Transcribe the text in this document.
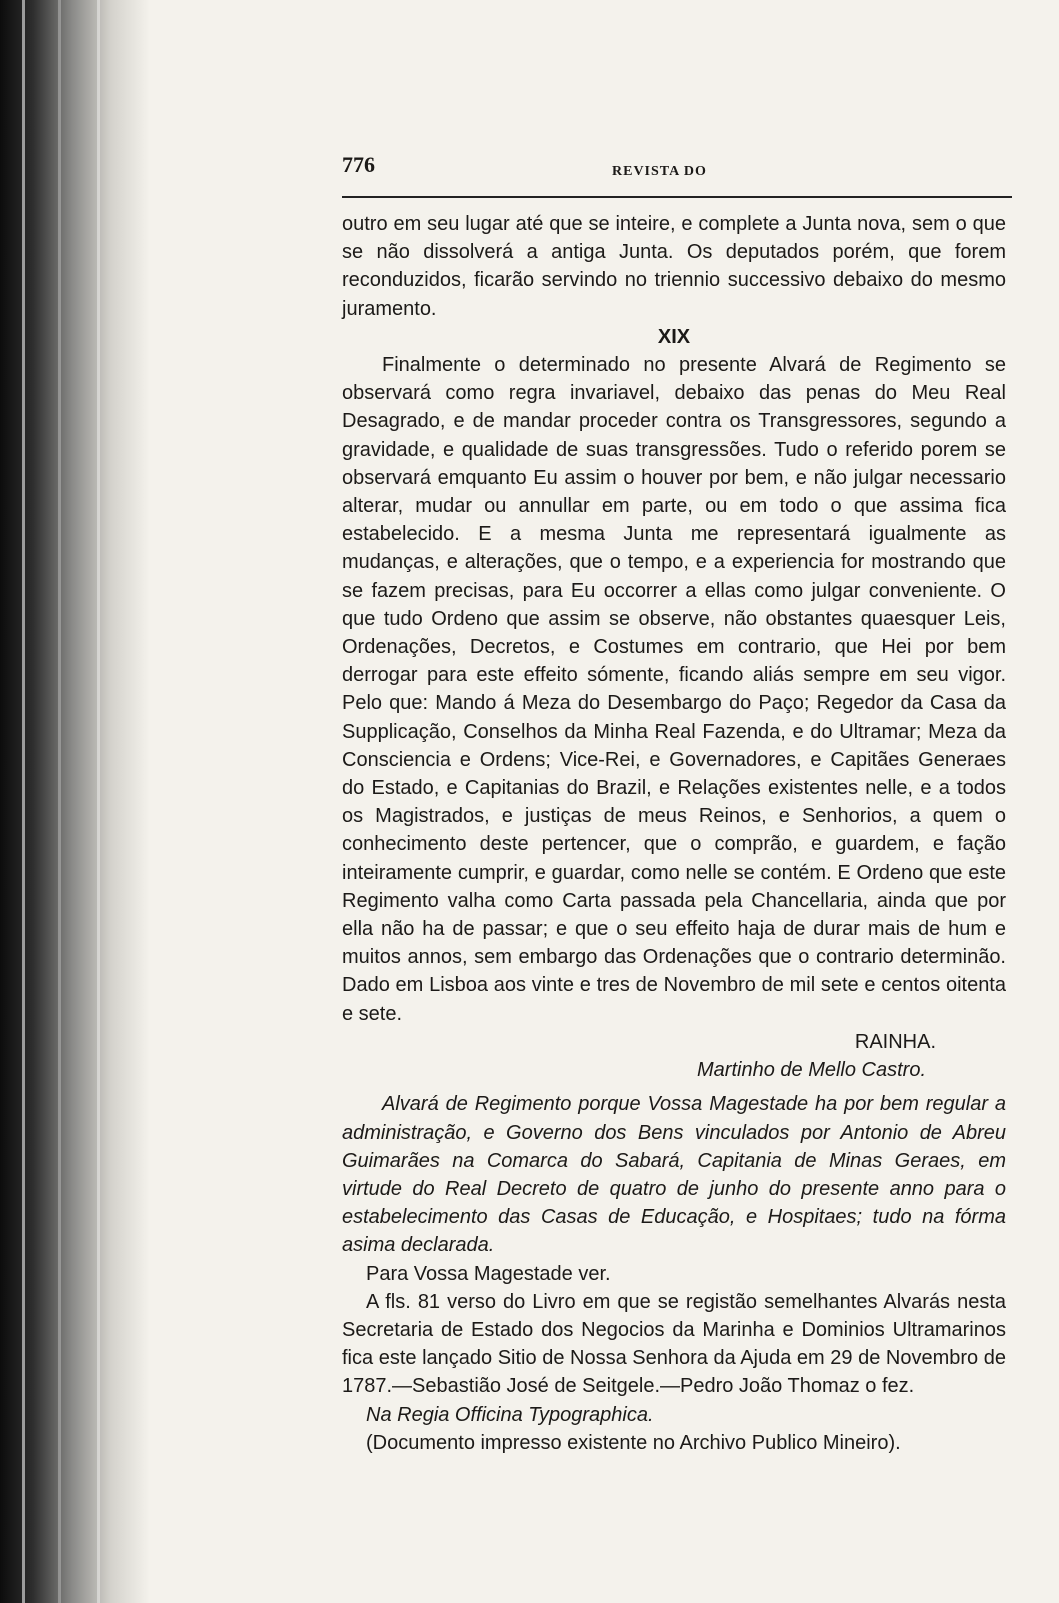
776	REVISTA DO

outro em seu lugar até que se inteire, e complete a Junta nova, sem o que se não dissolverá a antiga Junta. Os deputados porém, que forem reconduzidos, ficarão servindo no triennio successivo debaixo do mesmo juramento.

XIX

Finalmente o determinado no presente Alvará de Regimento se observará como regra invariavel, debaixo das penas do Meu Real Desagrado, e de mandar proceder contra os Transgressores, segundo a gravidade, e qualidade de suas transgressões. Tudo o referido porem se observará emquanto Eu assim o houver por bem, e não julgar necessario alterar, mudar ou annullar em parte, ou em todo o que assima fica estabelecido. E a mesma Junta me representará igualmente as mudanças, e alterações, que o tempo, e a experiencia for mostrando que se fazem precisas, para Eu occorrer a ellas como julgar conveniente. O que tudo Ordeno que assim se observe, não obstantes quaesquer Leis, Ordenações, Decretos, e Costumes em contrario, que Hei por bem derrogar para este effeito sómente, ficando aliás sempre em seu vigor. Pelo que: Mando á Meza do Desembargo do Paço; Regedor da Casa da Supplicação, Conselhos da Minha Real Fazenda, e do Ultramar; Meza da Consciencia e Ordens; Vice-Rei, e Governadores, e Capitães Generaes do Estado, e Capitanias do Brazil, e Relações existentes nelle, e a todos os Magistrados, e justiças de meus Reinos, e Senhorios, a quem o conhecimento deste pertencer, que o comprão, e guardem, e fação inteiramente cumprir, e guardar, como nelle se contém. E Ordeno que este Regimento valha como Carta passada pela Chancellaria, ainda que por ella não ha de passar; e que o seu effeito haja de durar mais de hum e muitos annos, sem embargo das Ordenações que o contrario determinão. Dado em Lisboa aos vinte e tres de Novembro de mil sete e centos oitenta e sete.

RAINHA.

Martinho de Mello Castro.

Alvará de Regimento porque Vossa Magestade ha por bem regular a administração, e Governo dos Bens vinculados por Antonio de Abreu Guimarães na Comarca do Sabará, Capitania de Minas Geraes, em virtude do Real Decreto de quatro de junho do presente anno para o estabelecimento das Casas de Educação, e Hospitaes; tudo na fórma asima declarada.

Para Vossa Magestade ver.

A fls. 81 verso do Livro em que se registão semelhantes Alvarás nesta Secretaria de Estado dos Negocios da Marinha e Dominios Ultramarinos fica este lançado Sitio de Nossa Senhora da Ajuda em 29 de Novembro de 1787.—Sebastião José de Seitgele.—Pedro João Thomaz o fez.

Na Regia Officina Typographica.

(Documento impresso existente no Archivo Publico Mineiro).
